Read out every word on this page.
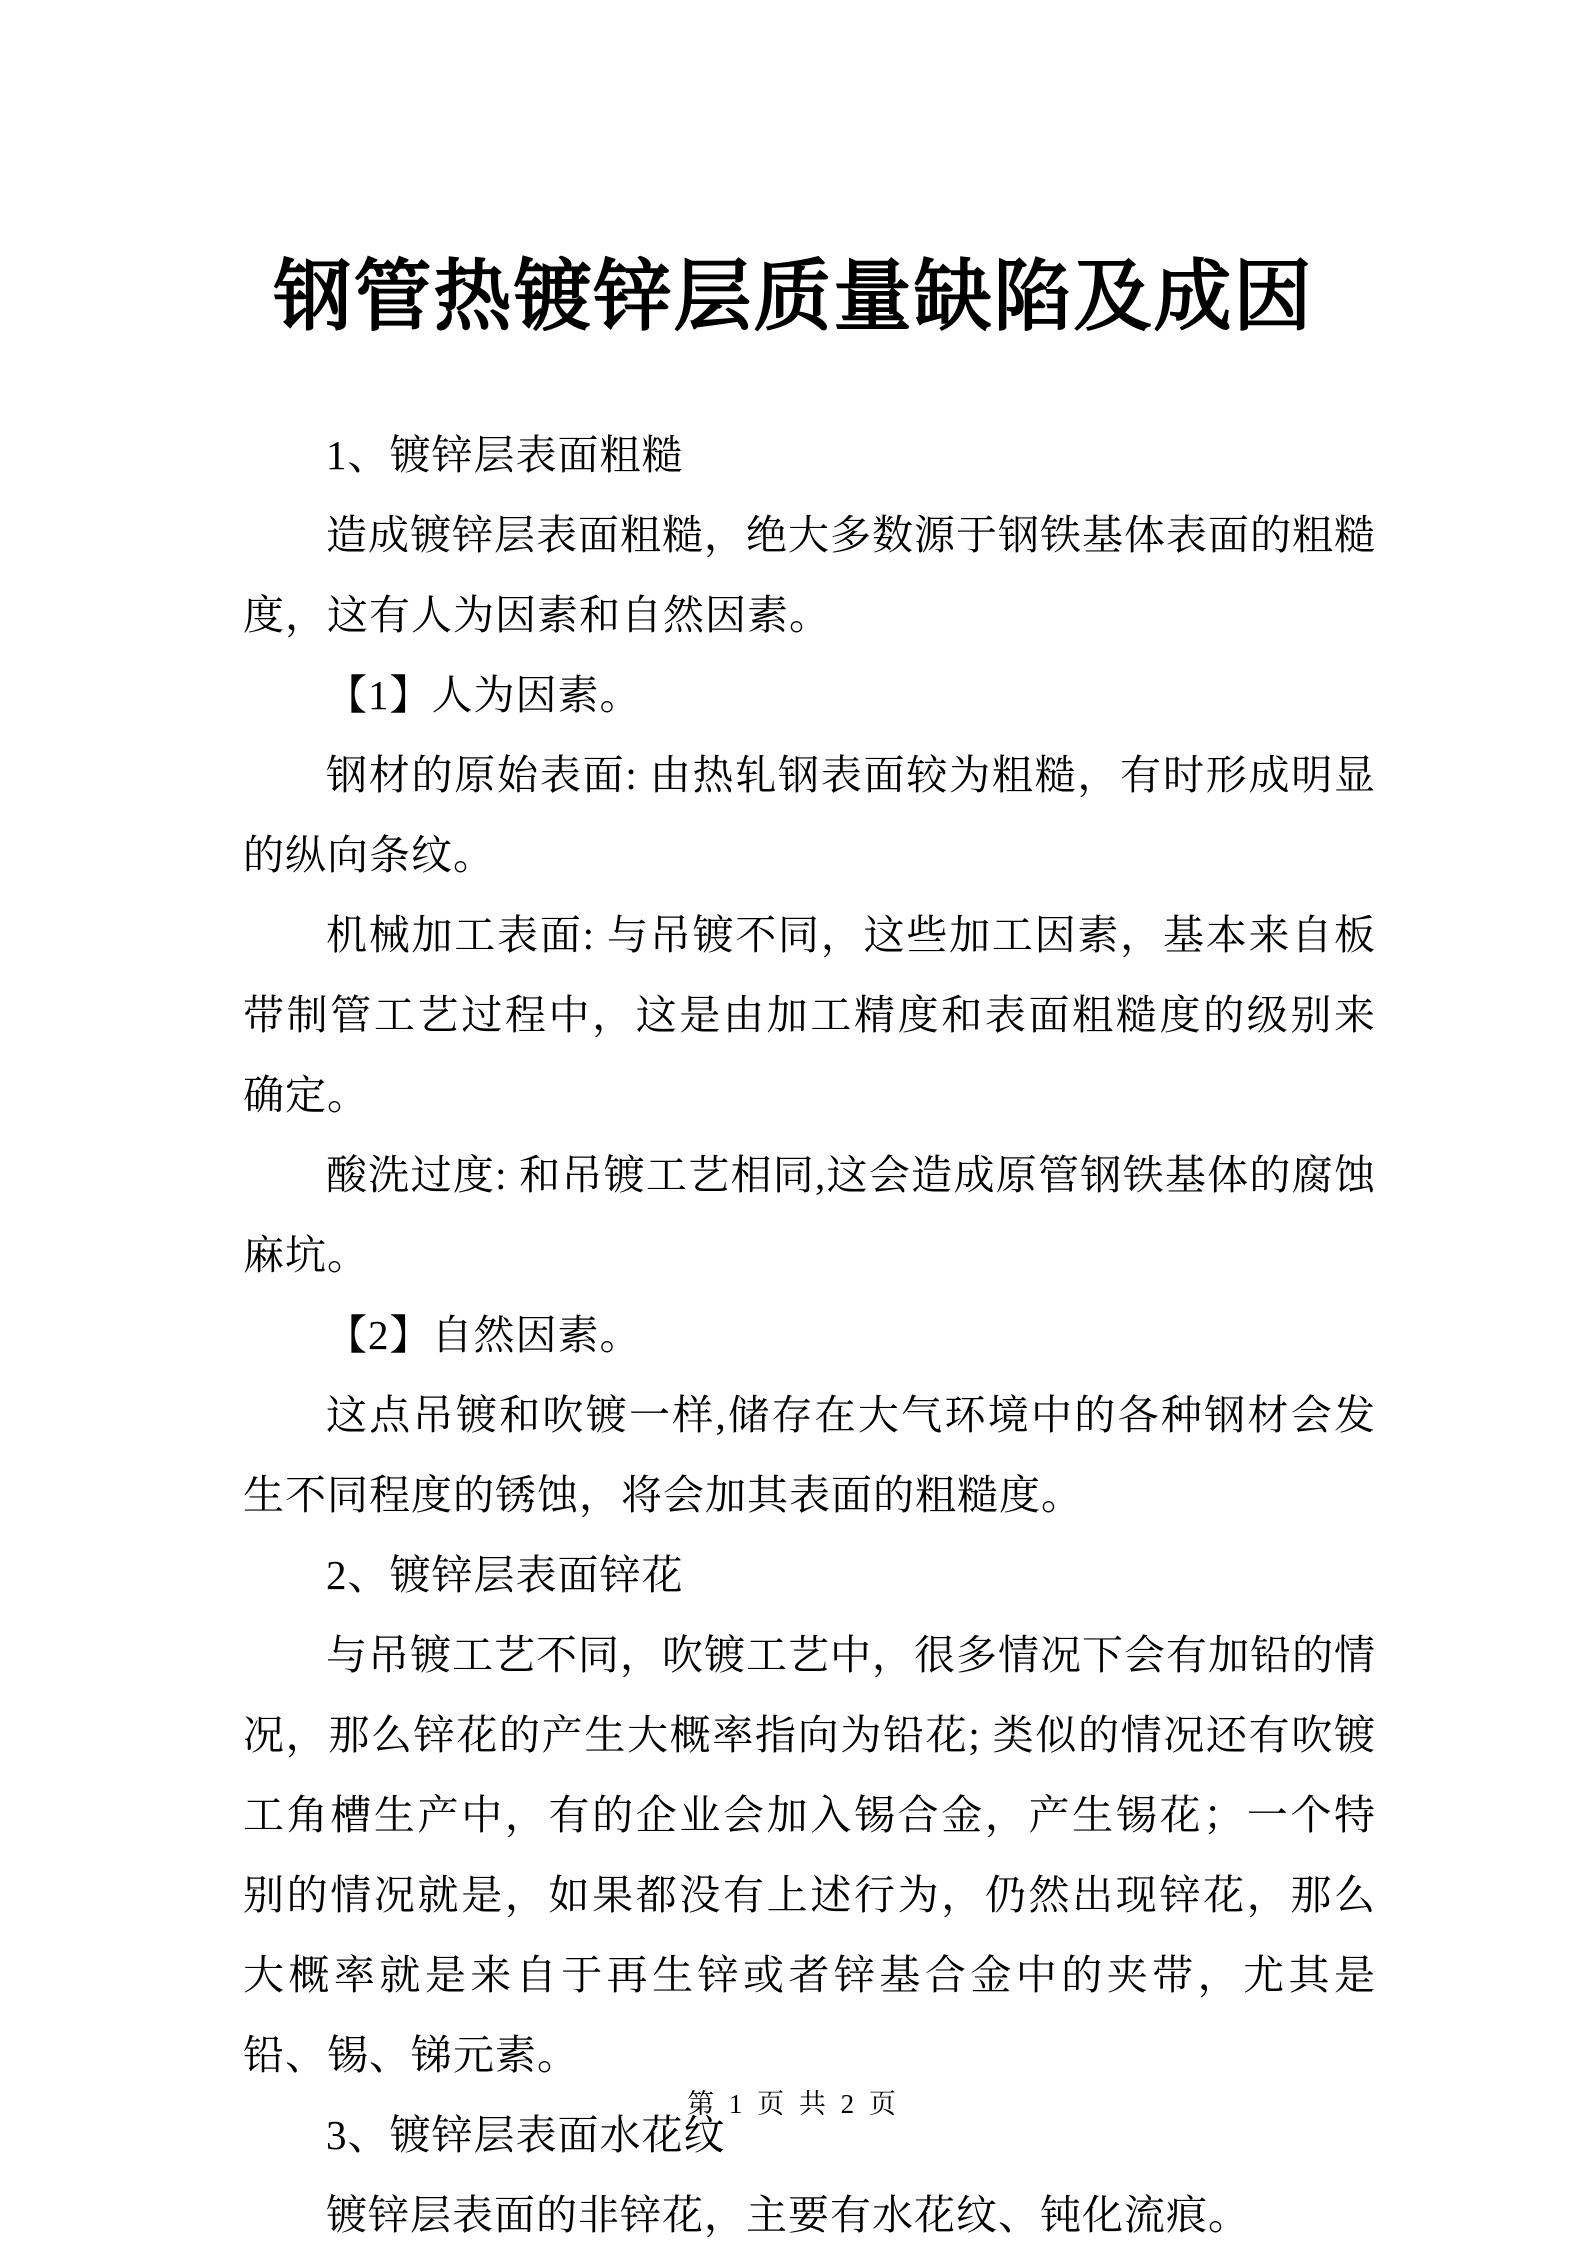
钢管热镀锌层质量缺陷及成因

1、镀锌层表面粗糙

造成镀锌层表面粗糙，绝大多数源于钢铁基体表面的粗糙度，这有人为因素和自然因素。

【1】人为因素。

钢材的原始表面: 由热轧钢表面较为粗糙，有时形成明显的纵向条纹。

机械加工表面: 与吊镀不同，这些加工因素，基本来自板带制管工艺过程中，这是由加工精度和表面粗糙度的级别来确定。

酸洗过度: 和吊镀工艺相同,这会造成原管钢铁基体的腐蚀麻坑。

【2】自然因素。

这点吊镀和吹镀一样,储存在大气环境中的各种钢材会发生不同程度的锈蚀，将会加其表面的粗糙度。

2、镀锌层表面锌花

与吊镀工艺不同，吹镀工艺中，很多情况下会有加铅的情况，那么锌花的产生大概率指向为铅花; 类似的情况还有吹镀工角槽生产中，有的企业会加入锡合金，产生锡花；一个特别的情况就是，如果都没有上述行为，仍然出现锌花，那么大概率就是来自于再生锌或者锌基合金中的夹带，尤其是铅、锡、锑元素。

3、镀锌层表面水花纹

镀锌层表面的非锌花，主要有水花纹、钝化流痕。

第 1 页 共 2 页
